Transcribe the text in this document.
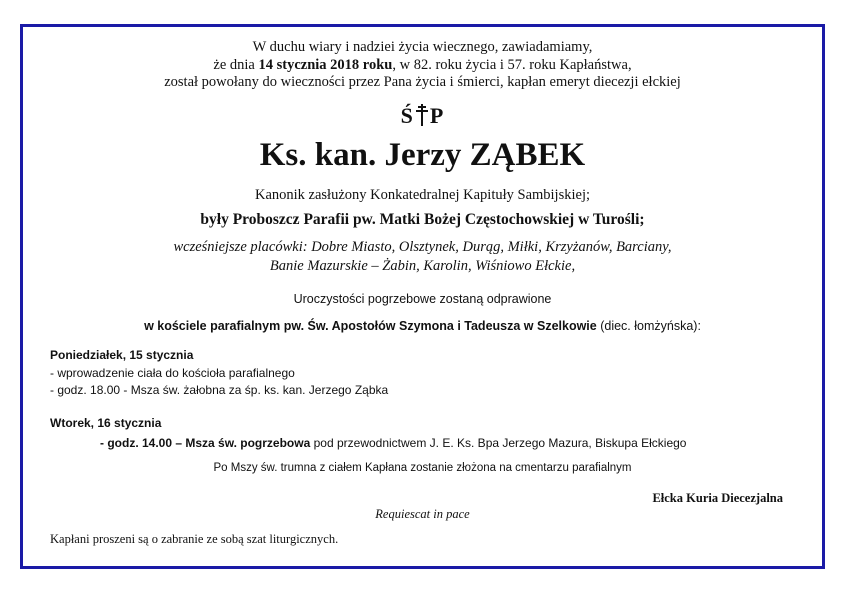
W duchu wiary i nadziei życia wiecznego, zawiadamiamy,
że dnia 14 stycznia 2018 roku, w 82. roku życia i 57. roku Kapłaństwa,
został powołany do wieczności przez Pana życia i śmierci, kapłan emeryt diecezji ełckiej
Ś P
Ks. kan. Jerzy ZĄBEK
Kanonik zasłużony Konkatedralnej Kapituły Sambijskiej;
były Proboszcz Parafii pw. Matki Bożej Częstochowskiej w Turośli;
wcześniejsze placówki: Dobre Miasto, Olsztynek, Durąg, Miłki, Krzyżanów, Barciany,
Banie Mazurskie – Żabin, Karolin, Wiśniowo Ełckie,
Uroczystości pogrzebowe zostaną odprawione
w kościele parafialnym pw. Św. Apostołów Szymona i Tadeusza w Szelkowie (diec. łomżyńska):
Poniedziałek, 15 stycznia
- wprowadzenie ciała do kościoła parafialnego
- godz. 18.00 - Msza św. żałobna za śp. ks. kan. Jerzego Ząbka
Wtorek, 16 stycznia
- godz. 14.00 – Msza św. pogrzebowa pod przewodnictwem J. E. Ks. Bpa Jerzego Mazura, Biskupa Ełckiego
Po Mszy św. trumna z ciałem Kapłana zostanie złożona na cmentarzu parafialnym
Ełcka Kuria Diecezjalna
Requiescat in pace
Kapłani proszeni są o zabranie ze sobą szat liturgicznych.
